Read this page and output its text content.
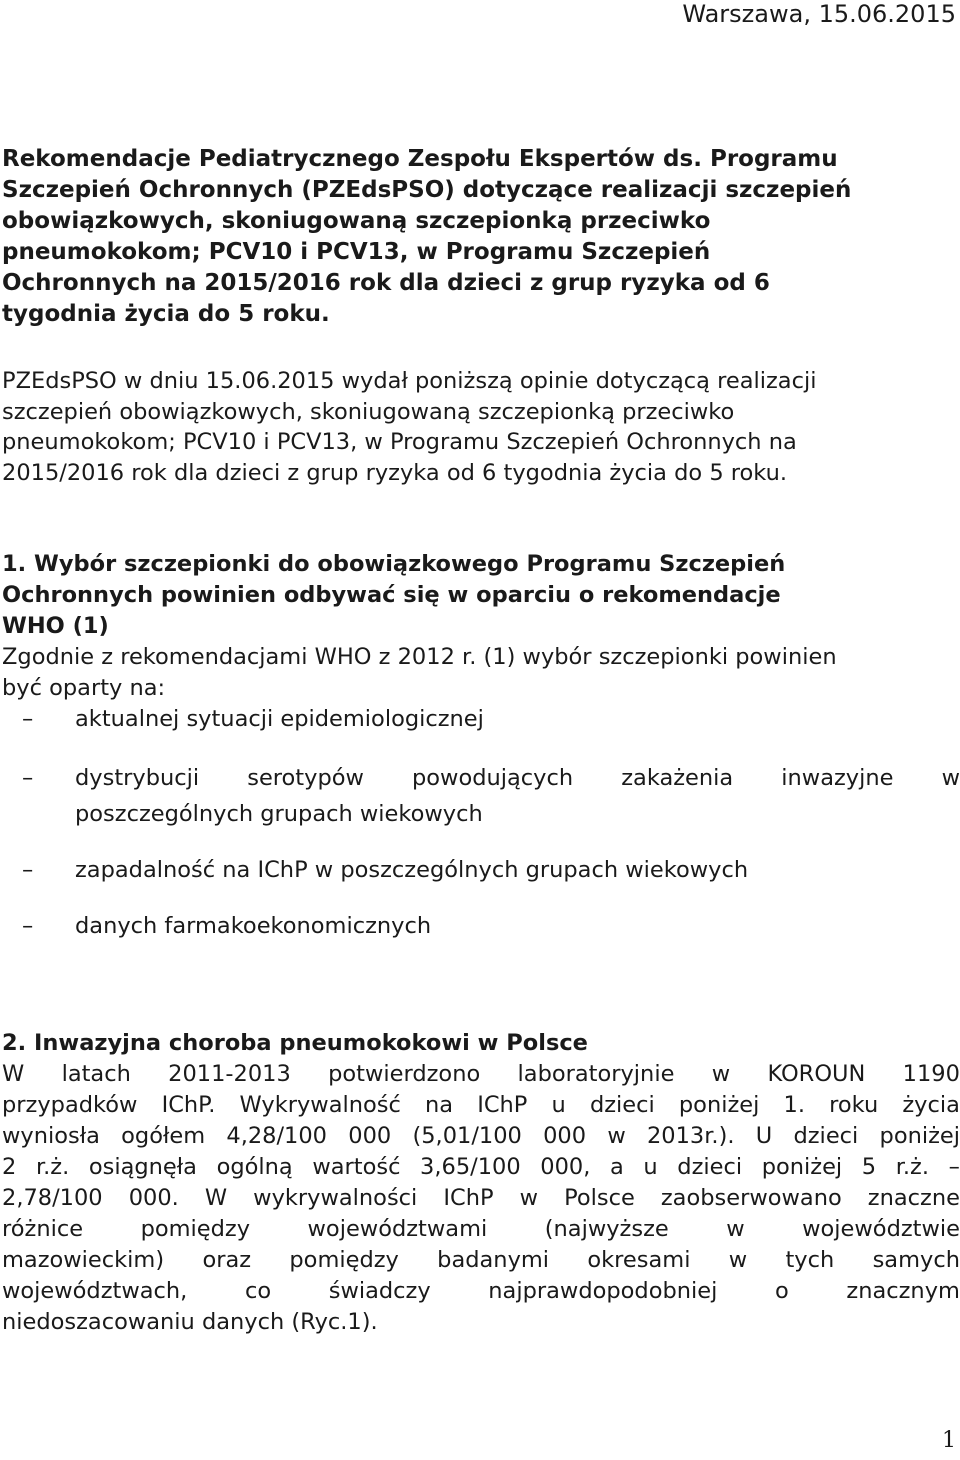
Warszawa, 15.06.2015
Rekomendacje Pediatrycznego Zespołu Ekspertów ds. Programu
Szczepień Ochronnych (PZEdsPSO) dotyczące realizacji szczepień
obowiązkowych, skoniugowaną szczepionką przeciwko
pneumokokom; PCV10 i PCV13, w Programu Szczepień
Ochronnych na 2015/2016 rok dla dzieci z grup ryzyka od 6
tygodnia życia do 5 roku.

PZEdsPSO w dniu 15.06.2015 wydał poniższą opinie dotyczącą realizacji
szczepień obowiązkowych, skoniugowaną szczepionką przeciwko
pneumokokom; PCV10 i PCV13, w Programu Szczepień Ochronnych na
2015/2016 rok dla dzieci z grup ryzyka od 6 tygodnia życia do 5 roku.

1. Wybór szczepionki do obowiązkowego Programu Szczepień
Ochronnych powinien odbywać się w oparciu o rekomendacje
WHO (1)
Zgodnie z rekomendacjami WHO z 2012 r. (1) wybór szczepionki powinien
być oparty na:
– aktualnej sytuacji epidemiologicznej
– dystrybucji serotypów powodujących zakażenia inwazyjne w
poszczególnych grupach wiekowych
– zapadalność na IChP w poszczególnych grupach wiekowych
– danych farmakoekonomicznych
2. Inwazyjna choroba pneumokokowi w Polsce
W latach 2011-2013 potwierdzono laboratoryjnie w KOROUN 1190
przypadków IChP. Wykrywalność na IChP u dzieci poniżej 1. roku życia
wyniosła ogółem 4,28/100 000 (5,01/100 000 w 2013r.). U dzieci poniżej
2 r.ż. osiągnęła ogólną wartość 3,65/100 000, a u dzieci poniżej 5 r.ż. –
2,78/100 000. W wykrywalności IChP w Polsce zaobserwowano znaczne
różnice	pomiędzy	województwami	(najwyższe	w	województwie
mazowieckim) oraz pomiędzy badanymi okresami w tych samych
województwach,	co	świadczy	najprawdopodobniej	o	znacznym
niedoszacowaniu danych (Ryc.1).
1
